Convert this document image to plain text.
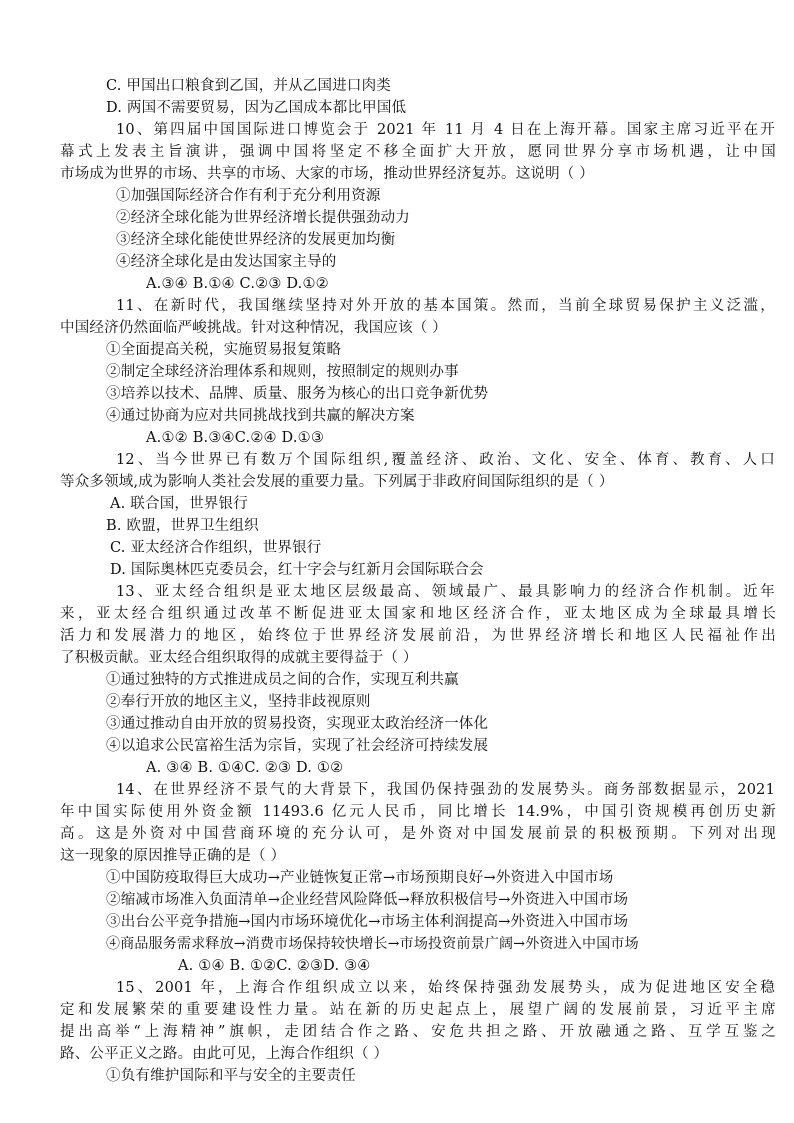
C. 甲国出口粮食到乙国，并从乙国进口肉类
D. 两国不需要贸易，因为乙国成本都比甲国低
10、第四届中国国际进口博览会于 2021 年 11 月 4 日在上海开幕。国家主席习近平在开
幕式上发表主旨演讲，强调中国将坚定不移全面扩大开放，愿同世界分享市场机遇，让中国
市场成为世界的市场、共享的市场、大家的市场，推动世界经济复苏。这说明（ ）
①加强国际经济合作有利于充分利用资源
②经济全球化能为世界经济增长提供强劲动力
③经济全球化能使世界经济的发展更加均衡
④经济全球化是由发达国家主导的
A.③④ B.①④ C.②③ D.①②
11、在新时代，我国继续坚持对外开放的基本国策。然而，当前全球贸易保护主义泛滥，
中国经济仍然面临严峻挑战。针对这种情况，我国应该（ ）
①全面提高关税，实施贸易报复策略
②制定全球经济治理体系和规则，按照制定的规则办事
③培养以技术、品牌、质量、服务为核心的出口竞争新优势
④通过协商为应对共同挑战找到共赢的解决方案
A.①② B.③④C.②④ D.①③
12、当今世界已有数万个国际组织,覆盖经济、政治、文化、安全、体育、教育、人口
等众多领域,成为影响人类社会发展的重要力量。下列属于非政府间国际组织的是（ ）
A. 联合国，世界银行
B. 欧盟，世界卫生组织
C. 亚太经济合作组织，世界银行
D. 国际奥林匹克委员会，红十字会与红新月会国际联合会
13、亚太经合组织是亚太地区层级最高、领域最广、最具影响力的经济合作机制。近年
来，亚太经合组织通过改革不断促进亚太国家和地区经济合作，亚太地区成为全球最具增长
活力和发展潜力的地区，始终位于世界经济发展前沿，为世界经济增长和地区人民福祉作出
了积极贡献。亚太经合组织取得的成就主要得益于（ ）
①通过独特的方式推进成员之间的合作，实现互利共赢
②奉行开放的地区主义，坚持非歧视原则
③通过推动自由开放的贸易投资，实现亚太政治经济一体化
④以追求公民富裕生活为宗旨，实现了社会经济可持续发展
A. ③④ B. ①④C. ②③ D. ①②
14、在世界经济不景气的大背景下，我国仍保持强劲的发展势头。商务部数据显示，2021
年中国实际使用外资金额 11493.6 亿元人民币，同比增长 14.9%，中国引资规模再创历史新
高。这是外资对中国营商环境的充分认可，是外资对中国发展前景的积极预期。下列对出现
这一现象的原因推导正确的是（ ）
①中国防疫取得巨大成功→产业链恢复正常→市场预期良好→外资进入中国市场
②缩减市场准入负面清单→企业经营风险降低→释放积极信号→外资进入中国市场
③出台公平竞争措施→国内市场环境优化→市场主体利润提高→外资进入中国市场
④商品服务需求释放→消费市场保持较快增长→市场投资前景广阔→外资进入中国市场
A. ①④ B. ①②C. ②③D. ③④
15、2001 年，上海合作组织成立以来，始终保持强劲发展势头，成为促进地区安全稳
定和发展繁荣的重要建设性力量。站在新的历史起点上，展望广阔的发展前景，习近平主席
提出高举“上海精神”旗帜，走团结合作之路、安危共担之路、开放融通之路、互学互鉴之
路、公平正义之路。由此可见，上海合作组织（ ）
①负有维护国际和平与安全的主要责任
